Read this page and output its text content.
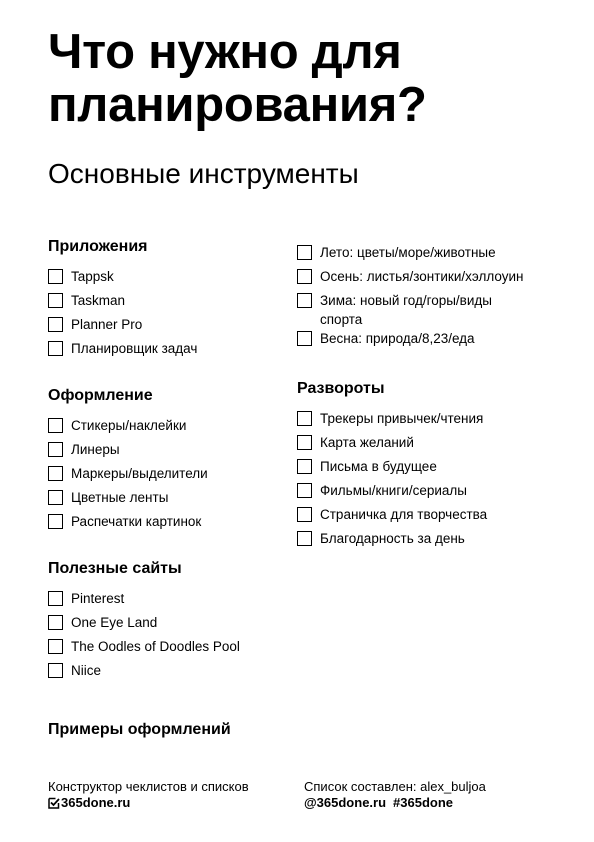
Что нужно для
планирования?
Основные инструменты
Приложения
Tappsk
Taskman
Planner Pro
Планировщик задач
Оформление
Стикеры/наклейки
Линеры
Маркеры/выделители
Цветные ленты
Распечатки картинок
Полезные сайты
Pinterest
One Eye Land
The Oodles of Doodles Pool
Niice
Лето: цветы/море/животные
Осень: листья/зонтики/хэллоуин
Зима: новый год/горы/виды спорта
Весна: природа/8,23/еда
Развороты
Трекеры привычек/чтения
Карта желаний
Письма в будущее
Фильмы/книги/сериалы
Страничка для творчества
Благодарность за день
Примеры оформлений
Конструктор чеклистов и списков
365done.ru
Список составлен: alex_buljoa
@365done.ru #365done
